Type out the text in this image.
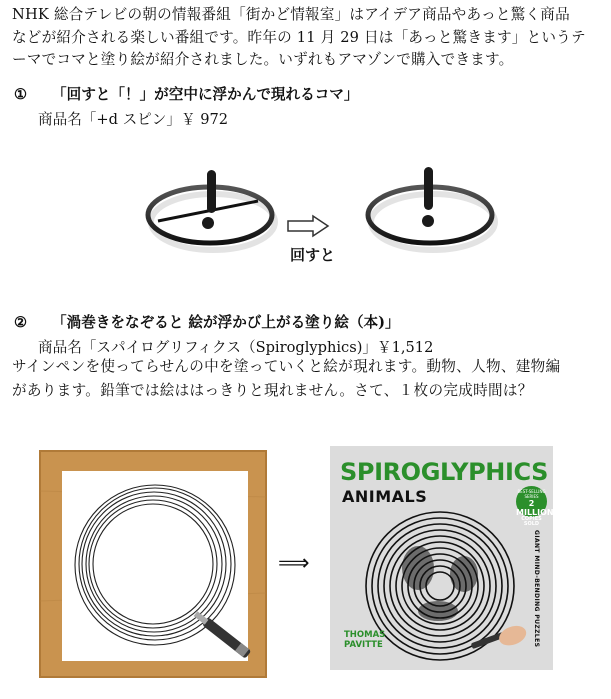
NHK 総合テレビの朝の情報番組「街かど情報室」はアイデア商品やあっと驚く商品
などが紹介される楽しい番組です。昨年の 11 月 29 日は「あっと驚きます」というテ
ーマでコマと塗り絵が紹介されました。いずれもアマゾンで購入できます。
① 「回すと「！」が空中に浮かんで現れるコマ」
商品名「+d スピン」￥ 972
回すと
② 「渦巻きをなぞると 絵が浮かび上がる塗り絵（本)」
商品名「スパイログリフィクス（Spiroglyphics)」￥1,512
サインペンを使ってらせんの中を塗っていくと絵が現れます。動物、人物、建物編
があります。鉛筆では絵ははっきりと現れません。さて、１枚の完成時間は？
⟹
SPIROGLYPHICS
ANIMALS	BEST-SELLING SERIES
2 MILLION
COPIES SOLD
GIANT MIND-BENDING PUZZLES
THOMAS
PAVITTE
